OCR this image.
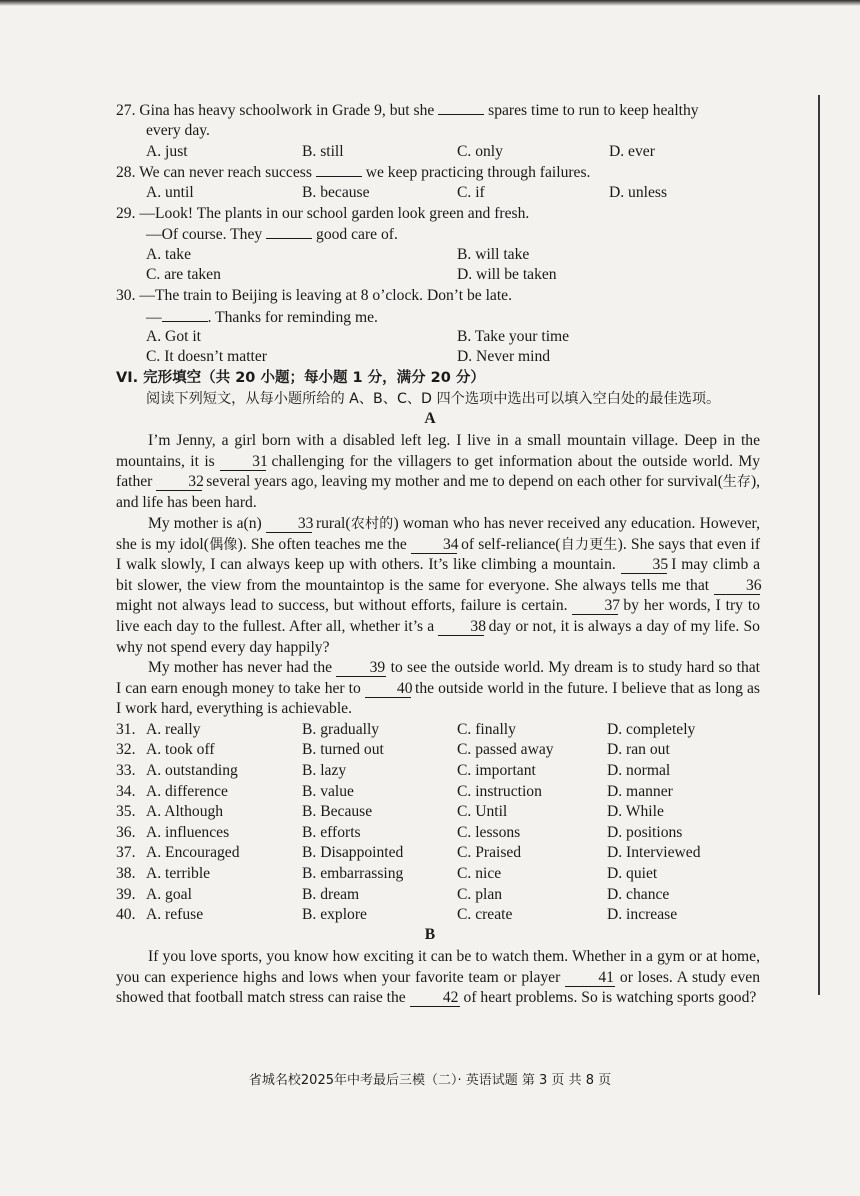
27. Gina has heavy schoolwork in Grade 9, but she	spares time to run to keep healthy
every day.
A. just	B. still	C. only	D. ever
28. We can never reach success	we keep practicing through failures.
A. until	B. because	C. if	D. unless
29. —Look! The plants in our school garden look green and fresh.
—Of course. They	good care of.
A. take	B. will take
C. are taken	D. will be taken
30. —The train to Beijing is leaving at 8 o’clock. Don’t be late.
—	. Thanks for reminding me.
A. Got it	B. Take your time
C. It doesn’t matter	D. Never mind
VI. 完形填空（共 20 小题；每小题 1 分，满分 20 分）
阅读下列短文，从每小题所给的 A、B、C、D 四个选项中选出可以填入空白处的最佳选项。
A
I’m Jenny, a girl born with a disabled left leg. I live in a small mountain village. Deep in the mountains, it is 31 challenging for the villagers to get information about the outside world. My father 32 several years ago, leaving my mother and me to depend on each other for survival(生存), and life has been hard.
My mother is a(n) 33 rural(农村的) woman who has never received any education. However, she is my idol(偶像). She often teaches me the 34 of self-reliance(自力更生). She says that even if I walk slowly, I can always keep up with others. It’s like climbing a mountain. 35 I may climb a bit slower, the view from the mountaintop is the same for everyone. She always tells me that 36 might not always lead to success, but without efforts, failure is certain. 37 by her words, I try to live each day to the fullest. After all, whether it’s a 38 day or not, it is always a day of my life. So why not spend every day happily?
My mother has never had the 39 to see the outside world. My dream is to study hard so that I can earn enough money to take her to 40 the outside world in the future. I believe that as long as I work hard, everything is achievable.
31. A. really	B. gradually	C. finally	D. completely
32. A. took off	B. turned out	C. passed away	D. ran out
33. A. outstanding	B. lazy	C. important	D. normal
34. A. difference	B. value	C. instruction	D. manner
35. A. Although	B. Because	C. Until	D. While
36. A. influences	B. efforts	C. lessons	D. positions
37. A. Encouraged	B. Disappointed	C. Praised	D. Interviewed
38. A. terrible	B. embarrassing	C. nice	D. quiet
39. A. goal	B. dream	C. plan	D. chance
40. A. refuse	B. explore	C. create	D. increase
B
If you love sports, you know how exciting it can be to watch them. Whether in a gym or at home, you can experience highs and lows when your favorite team or player 41 or loses. A study even showed that football match stress can raise the 42 of heart problems. So is watching sports good?
省城名校2025年中考最后三模（二）· 英语试题 第 3 页 共 8 页
